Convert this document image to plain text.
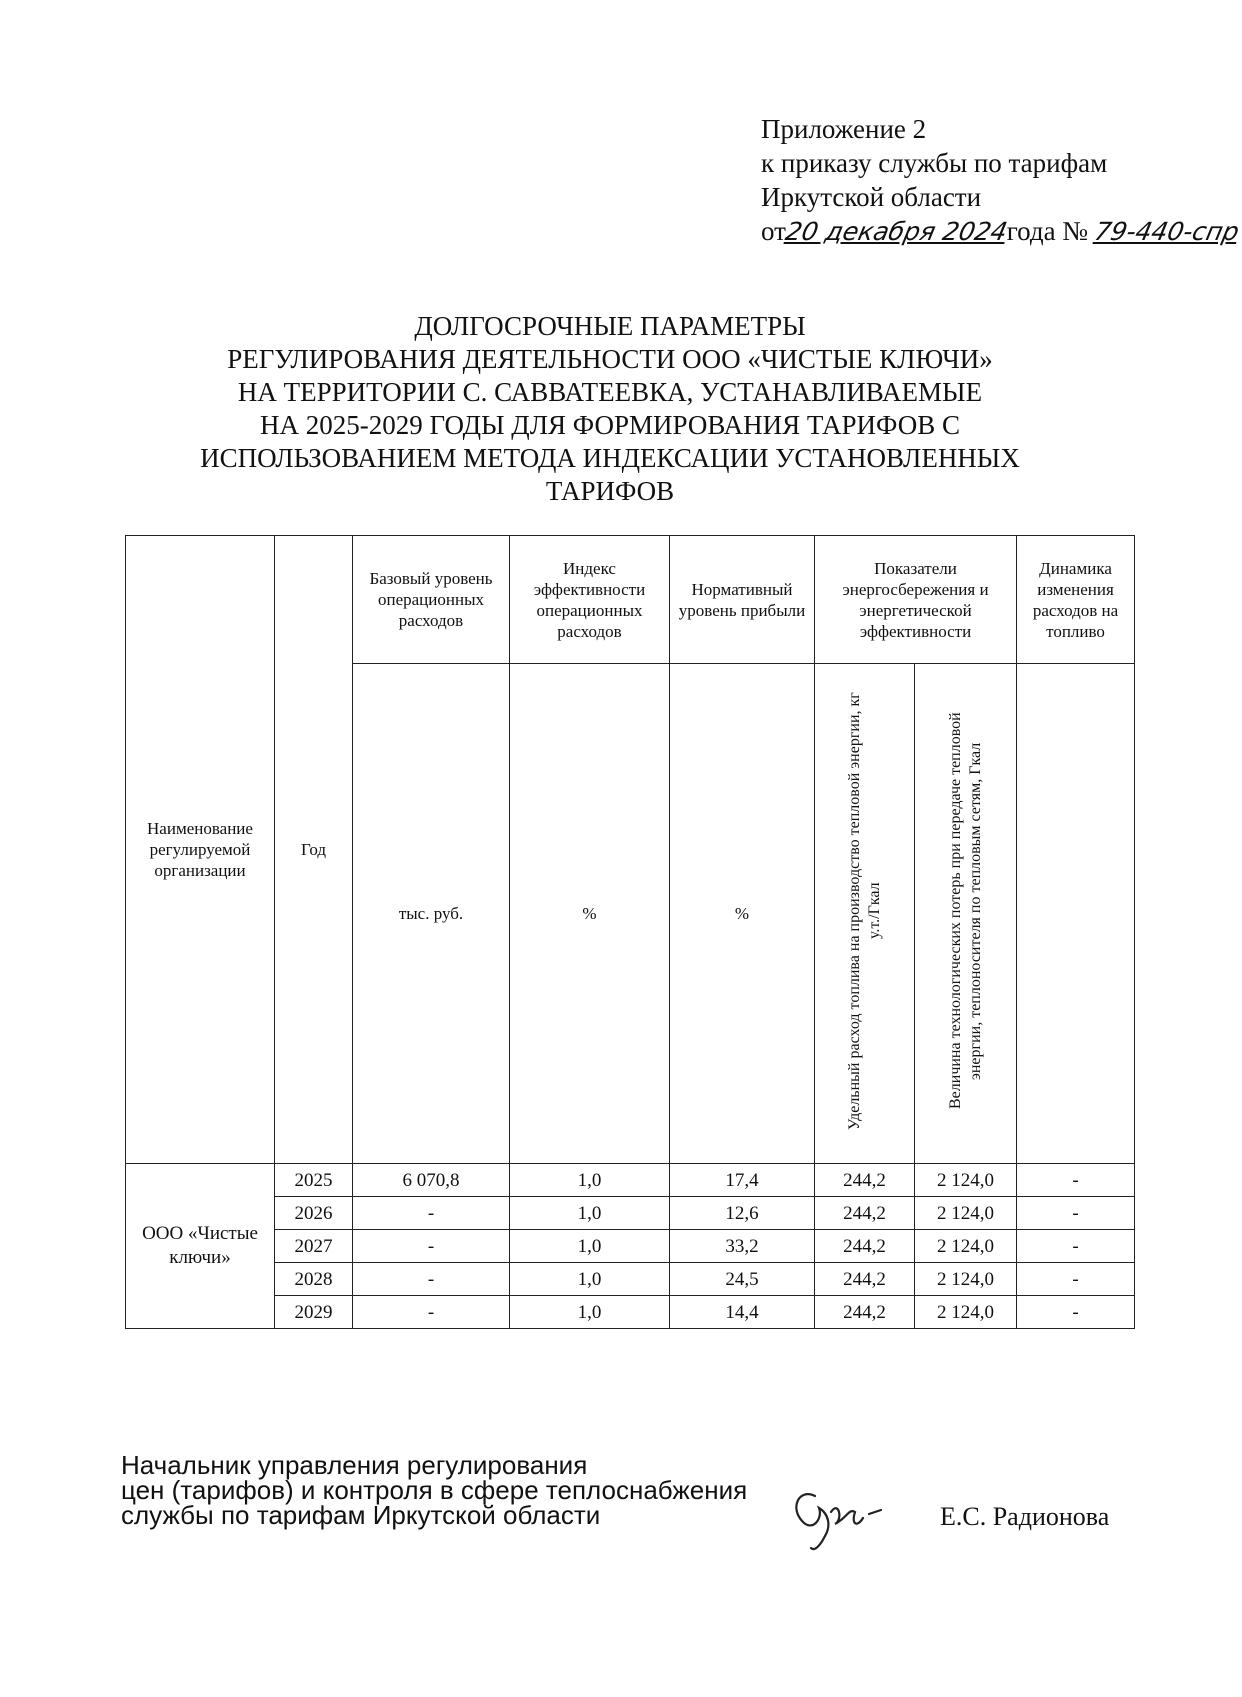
Приложение 2
к приказу службы по тарифам
Иркутской области
от20 декабря 2024года № 79-440-спр
ДОЛГОСРОЧНЫЕ ПАРАМЕТРЫ
РЕГУЛИРОВАНИЯ ДЕЯТЕЛЬНОСТИ ООО «ЧИСТЫЕ КЛЮЧИ»
НА ТЕРРИТОРИИ С. САВВАТЕЕВКА, УСТАНАВЛИВАЕМЫЕ
НА 2025-2029 ГОДЫ ДЛЯ ФОРМИРОВАНИЯ ТАРИФОВ С
ИСПОЛЬЗОВАНИЕМ МЕТОДА ИНДЕКСАЦИИ УСТАНОВЛЕННЫХ
ТАРИФОВ
Наименование регулируемой организации	Год	Базовый уровень операционных расходов	Индекс эффективности операционных расходов	Нормативный уровень прибыли	Показатели энергосбережения и энергетической эффективности		Динамика изменения расходов на топливо
		тыс. руб.	%	%	Удельный расход топлива на производство тепловой энергии, кг у.т./Гкал	Величина технологических потерь при передаче тепловой энергии, теплоносителя по тепловым сетям, Гкал	
ООО «Чистые ключи»	2025	6 070,8	1,0	17,4	244,2	2 124,0	-
	2026	-	1,0	12,6	244,2	2 124,0	-
	2027	-	1,0	33,2	244,2	2 124,0	-
	2028	-	1,0	24,5	244,2	2 124,0	-
	2029	-	1,0	14,4	244,2	2 124,0	-
Начальник управления регулирования
цен (тарифов) и контроля в сфере теплоснабжения
службы по тарифам Иркутской области	Е.С. Радионова
